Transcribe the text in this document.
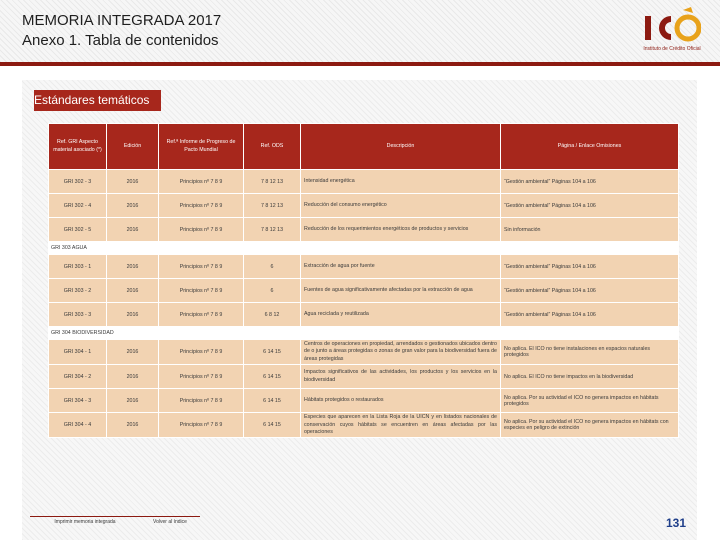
MEMORIA INTEGRADA 2017
Anexo 1. Tabla de contenidos	Instituto de Crédito Oficial
Estándares temáticos
Ref. GRI Aspecto material asociado (*)	Edición	Ref.ª Informe de Progreso de Pacto Mundial	Ref. ODS	Descripción	Página / Enlace Omisiones
GRI 302 - 3	2016	Principios nº 7 8 9	7 8 12 13	Intensidad energética	“Gestión ambiental” Páginas 104 a 106
GRI 302 - 4	2016	Principios nº 7 8 9	7 8 12 13	Reducción del consumo energético	“Gestión ambiental” Páginas 104 a 106
GRI 302 - 5	2016	Principios nº 7 8 9	7 8 12 13	Reducción de los requerimientos energéticos de productos y servicios	Sin información
GRI 303 AGUA					
GRI 303 - 1	2016	Principios nº 7 8 9	6	Extracción de agua por fuente	“Gestión ambiental” Páginas 104 a 106
GRI 303 - 2	2016	Principios nº 7 8 9	6	Fuentes de agua significativamente afectadas por la extracción de agua	“Gestión ambiental” Páginas 104 a 106
GRI 303 - 3	2016	Principios nº 7 8 9	6 8 12	Agua reciclada y reutilizada	“Gestión ambiental” Páginas 104 a 106
GRI 304 BIODIVERSIDAD					
GRI 304 - 1	2016	Principios nº 7 8 9	6 14 15	Centros de operaciones en propiedad, arrendados o gestionados ubicados dentro de o junto a áreas protegidas o zonas de gran valor para la biodiversidad fuera de áreas protegidas	No aplica. El ICO no tiene instalaciones en espacios naturales protegidos
GRI 304 - 2	2016	Principios nº 7 8 9	6 14 15	Impactos significativos de las actividades, los productos y los servicios en la biodiversidad	No aplica. El ICO no tiene impactos en la biodiversidad
GRI 304 - 3	2016	Principios nº 7 8 9	6 14 15	Hábitats protegidos o restaurados	No aplica. Por su actividad el ICO no genera impactos en hábitats protegidos
GRI 304 - 4	2016	Principios nº 7 8 9	6 14 15	Especies que aparecen en la Lista Roja de la UICN y en listados nacionales de conservación cuyos hábitats se encuentren en áreas afectadas por las operaciones	No aplica. Por su actividad el ICO no genera impactos en hábitats con especies en peligro de extinción
Imprimir memoria integrada	Volver al índice	131
